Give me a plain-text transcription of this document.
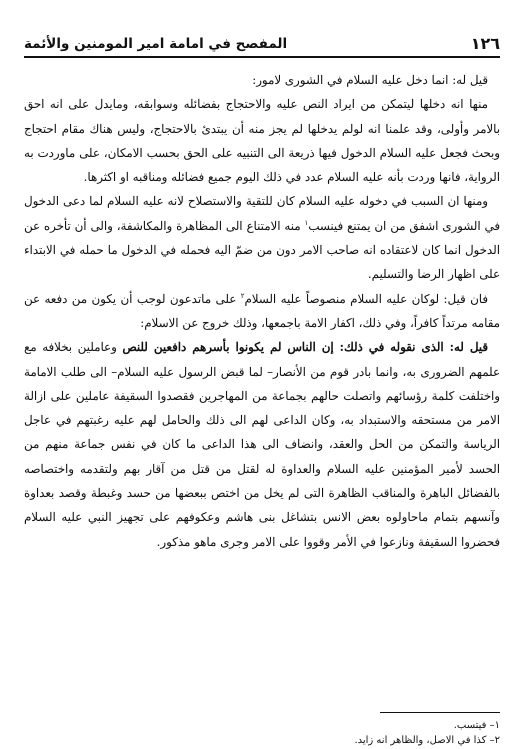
١٢٦
المفصح في امامة امير المومنين والأئمة

قيل له: انما دخل عليه السلام في الشورى لامور:

منها انه دخلها ليتمكن من ايراد النص عليه والاحتجاج بفضائله وسوابقه، ومايدل على انه احق بالامر وأولى، وقد علمنا انه لولم يدخلها لم يجز منه أن يبتدئ بالاحتجاج، وليس هناك مقام احتجاج وبحث فجعل عليه السلام الدخول فيها ذريعة الى التنبيه على الحق بحسب الامكان، على ماوردت به الرواية، فانها وردت بأنه عليه السلام عدد في ذلك اليوم جميع فضائله ومناقبه او اكثرها.

ومنها ان السبب في دخوله عليه السلام كان للتقية والاستصلاح لانه عليه السلام لما دعى الدخول في الشورى اشفق من ان يمتنع فينسب$^١$ منه الامتناع الى المظاهرة والمكاشفة، والى أن تأخره عن الدخول انما كان لاعتقاده انه صاحب الامر دون من ضمّ اليه فحمله في الدخول ما حمله في الابتداء على اظهار الرضا والتسليم.

فان قيل: لوكان عليه السلام منصوصاً عليه السلام$^٢$ على ماتدعون لوجب أن يكون من دفعه عن مقامه مرتداً كافراً، وفي ذلك، اكفار الامة باجمعها، وذلك خروج عن الاسلام:

قيل له: الذى نقوله في ذلك: إن الناس لم يكونوا بأسرهم دافعين للنص وعاملين بخلافه مع علمهم الضرورى به، وانما بادر قوم من الأنصار– لما قبض الرسول عليه السلام– الى طلب الامامة واختلفت كلمة رؤسائهم واتصلت حالهم بجماعة من المهاجرين فقصدوا السقيفة عاملين على ازالة الامر من مستحقه والاستبداد به، وكان الداعى لهم الى ذلك والحامل لهم عليه رغبتهم في عاجل الرياسة والتمكن من الحل والعقد، وانضاف الى هذا الداعى ما كان في نفس جماعة منهم من الحسد لأمير المؤمنين عليه السلام والعداوة له لقتل من قتل من آقار بهم ولتقدمه واختصاصه بالفضائل الباهرة والمناقب الظاهرة التى لم يخل من اختص ببعضها من حسد وغبطة وقصد بعداوة وآنسهم بتمام ماحاولوه بعض الانس بتشاغل بنى هاشم وعكوفهم على تجهيز النبي عليه السلام فحضروا السقيفة ونازعوا في الأمر وقووا على الامر وجرى ماهو مذكور.

١– فيتسب.

٢– كذا في الاصل، والظاهر انه زايد.
